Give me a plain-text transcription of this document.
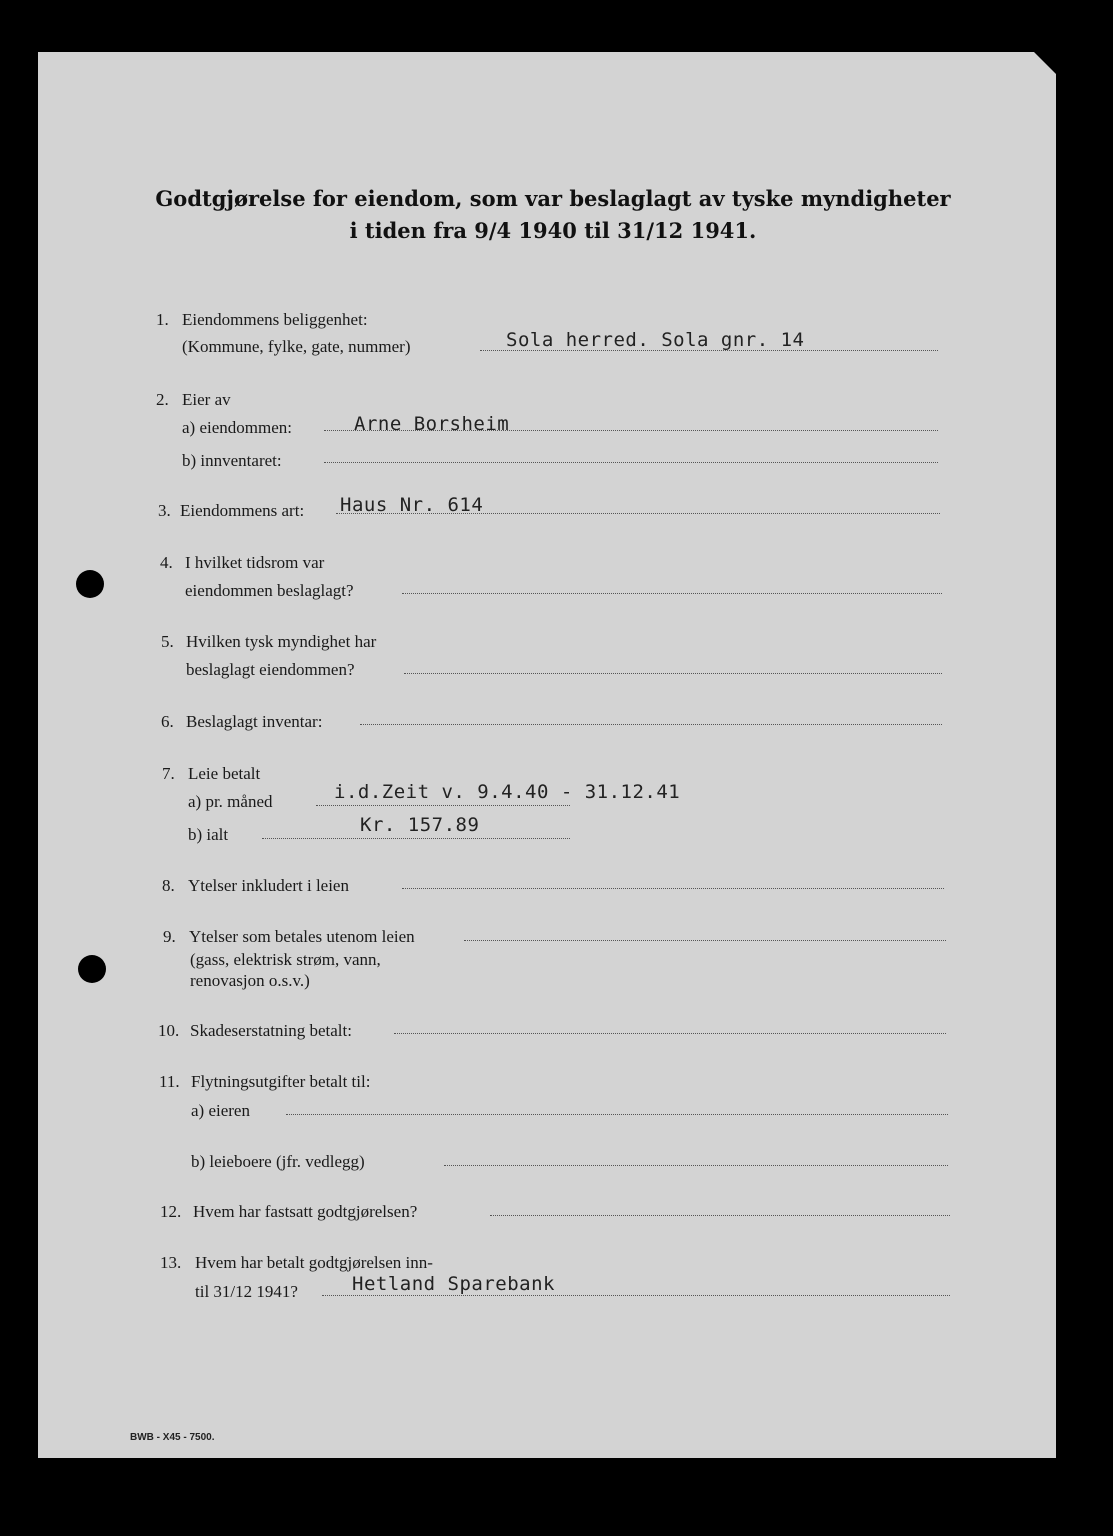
Godtgjørelse for eiendom, som var beslaglagt av tyske myndigheter
i tiden fra 9/4 1940 til 31/12 1941.
1. Eiendommens beliggenhet:
(Kommune, fylke, gate, nummer)	Sola herred. Sola gnr. 14
2. Eier av
a) eiendommen:	Arne Borsheim
b) innventaret:
3. Eiendommens art: Haus Nr. 614
4. I hvilket tidsrom var
eiendommen beslaglagt?
5. Hvilken tysk myndighet har
beslaglagt eiendommen?
6. Beslaglagt inventar:
7. Leie betalt
a) pr. måned	i.d.Zeit v. 9.4.40 - 31.12.41
b) ialt	Kr. 157.89
8. Ytelser inkludert i leien
9. Ytelser som betales utenom leien
(gass, elektrisk strøm, vann,
renovasjon o.s.v.)
10. Skadeserstatning betalt:
11. Flytningsutgifter betalt til:
a) eieren
b) leieboere (jfr. vedlegg)
12. Hvem har fastsatt godtgjørelsen?
13. Hvem har betalt godtgjørelsen inn-
til 31/12 1941?	Hetland Sparebank
BWB - X45 - 7500.
